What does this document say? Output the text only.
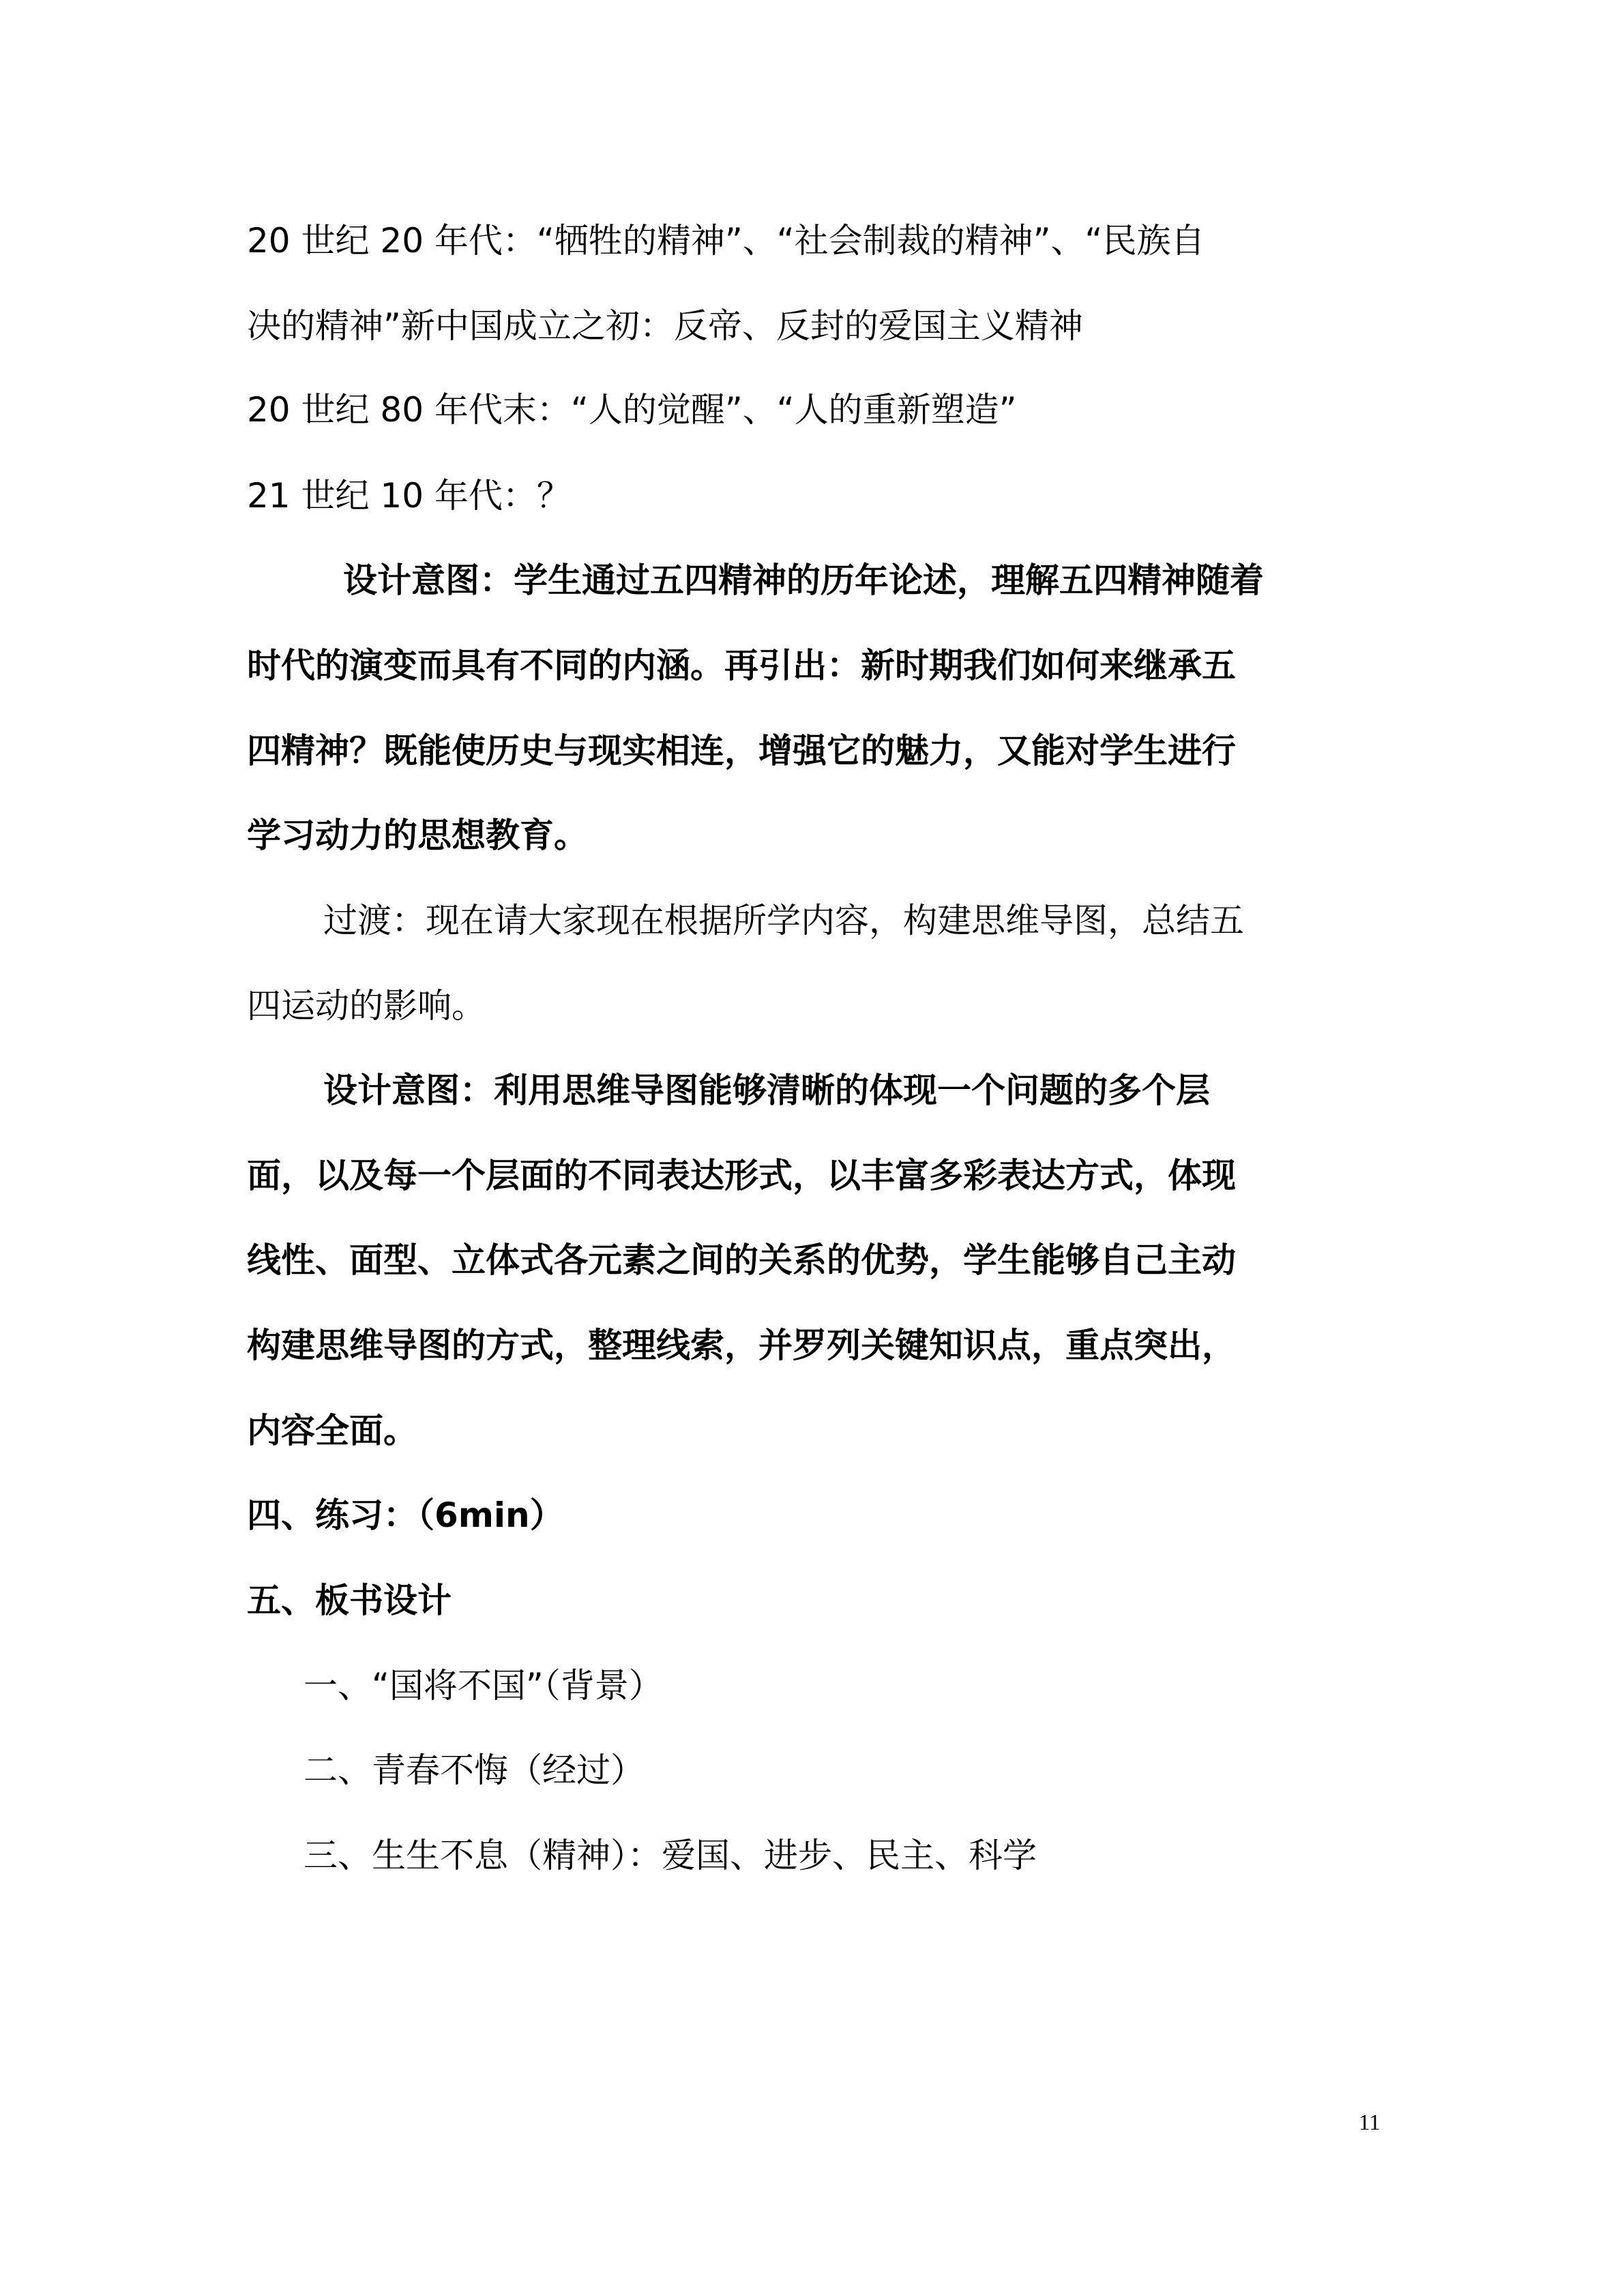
20 世纪 20 年代：“牺牲的精神”、“社会制裁的精神”、“民族自
决的精神”新中国成立之初：反帝、反封的爱国主义精神
20 世纪 80 年代末：“人的觉醒”、“人的重新塑造”
21 世纪 10 年代：？
设计意图：学生通过五四精神的历年论述，理解五四精神随着
时代的演变而具有不同的内涵。再引出：新时期我们如何来继承五
四精神？既能使历史与现实相连，增强它的魅力，又能对学生进行
学习动力的思想教育。
过渡：现在请大家现在根据所学内容，构建思维导图，总结五
四运动的影响。
设计意图：利用思维导图能够清晰的体现一个问题的多个层
面，以及每一个层面的不同表达形式，以丰富多彩表达方式，体现
线性、面型、立体式各元素之间的关系的优势，学生能够自己主动
构建思维导图的方式，整理线索，并罗列关键知识点，重点突出，
内容全面。
四、练习：（6min）
五、板书设计
一、“国将不国”（背景）
二、青春不悔（经过）
三、生生不息（精神）：爱国、进步、民主、科学
11
